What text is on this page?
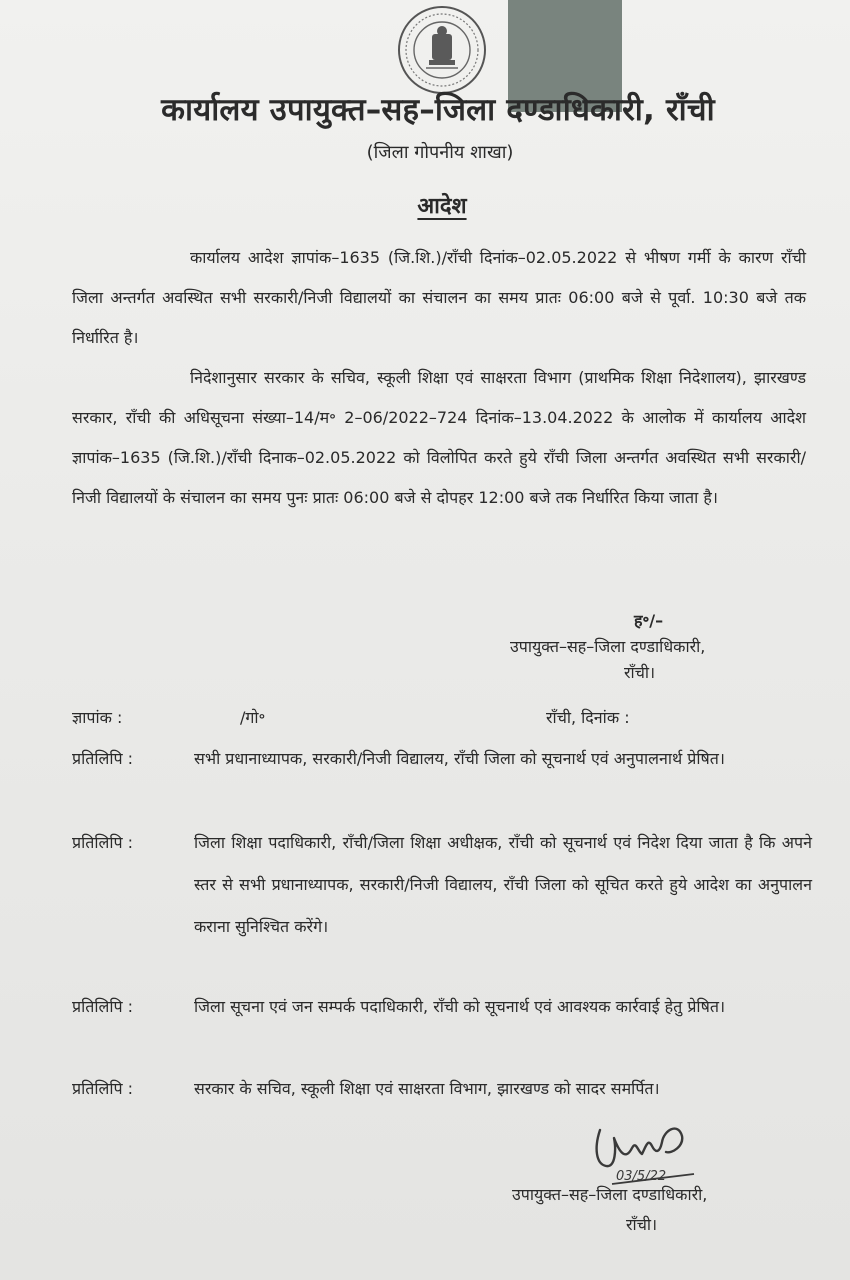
कार्यालय उपायुक्त–सह–जिला दण्डाधिकारी, राँची
(जिला गोपनीय शाखा)
आदेश
कार्यालय आदेश ज्ञापांक–1635 (जि.शि.)/राँची दिनांक–02.05.2022 से भीषण गर्मी के कारण राँची जिला अन्तर्गत अवस्थित सभी सरकारी/निजी विद्यालयों का संचालन का समय प्रातः 06:00 बजे से पूर्वा. 10:30 बजे तक निर्धारित है।
निदेशानुसार सरकार के सचिव, स्कूली शिक्षा एवं साक्षरता विभाग (प्राथमिक शिक्षा निदेशालय), झारखण्ड सरकार, राँची की अधिसूचना संख्या–14/म॰ 2–06/2022–724 दिनांक–13.04.2022 के आलोक में कार्यालय आदेश ज्ञापांक–1635 (जि.शि.)/राँची दिनाक–02.05.2022 को विलोपित करते हुये राँची जिला अन्तर्गत अवस्थित सभी सरकारी/निजी विद्यालयों के संचालन का समय पुनः प्रातः 06:00 बजे से दोपहर 12:00 बजे तक निर्धारित किया जाता है।
ह॰/–
उपायुक्त–सह–जिला दण्डाधिकारी,
राँची।
ज्ञापांक :	/गो॰	राँची, दिनांक :
प्रतिलिपि :	सभी प्रधानाध्यापक, सरकारी/निजी विद्यालय, राँची जिला को सूचनार्थ एवं अनुपालनार्थ प्रेषित।
प्रतिलिपि :	जिला शिक्षा पदाधिकारी, राँची/जिला शिक्षा अधीक्षक, राँची को सूचनार्थ एवं निदेश दिया जाता है कि अपने स्तर से सभी प्रधानाध्यापक, सरकारी/निजी विद्यालय, राँची जिला को सूचित करते हुये आदेश का अनुपालन कराना सुनिश्चित करेंगे।
प्रतिलिपि :	जिला सूचना एवं जन सम्पर्क पदाधिकारी, राँची को सूचनार्थ एवं आवश्यक कार्रवाई हेतु प्रेषित।
प्रतिलिपि :	सरकार के सचिव, स्कूली शिक्षा एवं साक्षरता विभाग, झारखण्ड को सादर समर्पित।
03/5/22
उपायुक्त–सह–जिला दण्डाधिकारी,
राँची।
